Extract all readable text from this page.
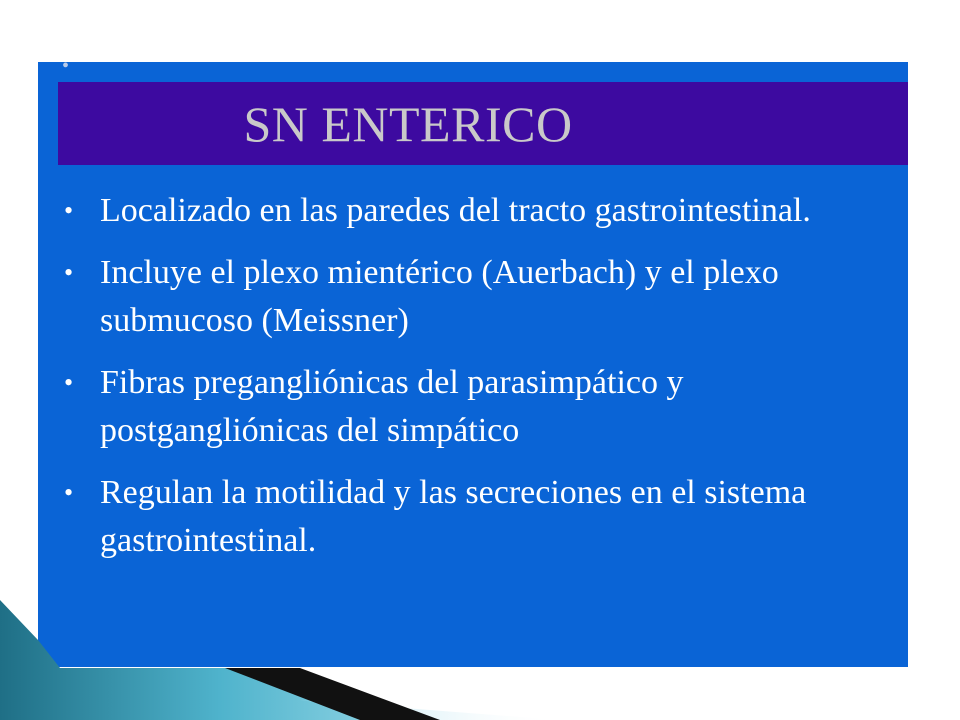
•
SN ENTERICO
• Localizado en las paredes del tracto gastrointestinal.
• Incluye el plexo mientérico (Auerbach) y el plexo submucoso (Meissner)
• Fibras pregangliónicas del parasimpático y postgangliónicas del simpático
• Regulan la motilidad y las secreciones en el sistema gastrointestinal.
